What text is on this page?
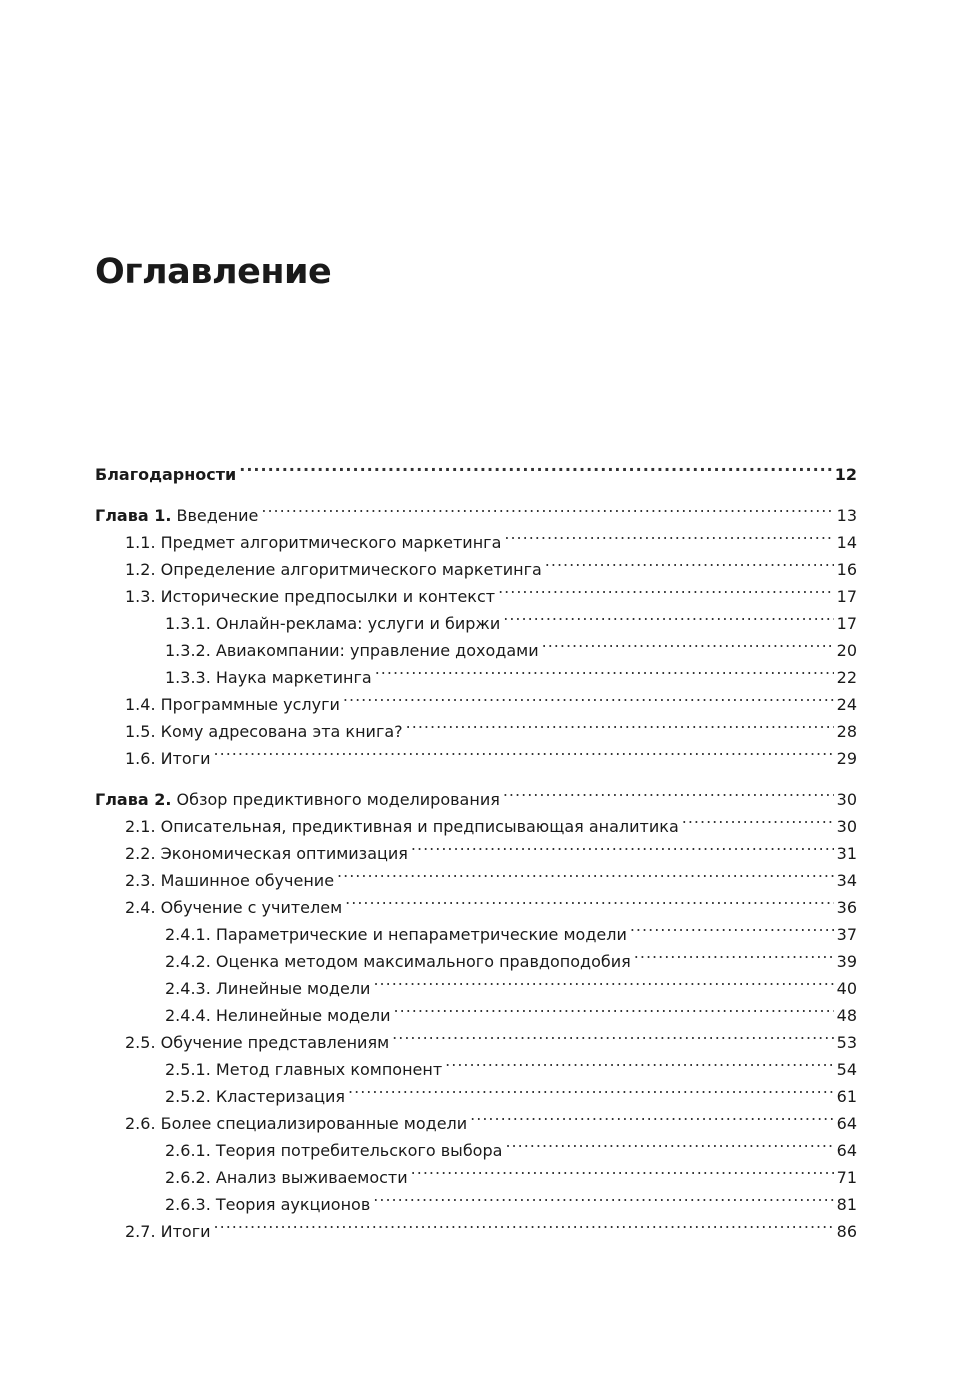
Оглавление
Благодарности .....	12
Глава 1. Введение .....	13
1.1. Предмет алгоритмического маркетинга .....	14
1.2. Определение алгоритмического маркетинга .....	16
1.3. Исторические предпосылки и контекст .....	17
1.3.1. Онлайн-реклама: услуги и биржи .....	17
1.3.2. Авиакомпании: управление доходами .....	20
1.3.3. Наука маркетинга .....	22
1.4. Программные услуги .....	24
1.5. Кому адресована эта книга? .....	28
1.6. Итоги .....	29
Глава 2. Обзор предиктивного моделирования .....	30
2.1. Описательная, предиктивная и предписывающая аналитика .....	30
2.2. Экономическая оптимизация .....	31
2.3. Машинное обучение .....	34
2.4. Обучение с учителем .....	36
2.4.1. Параметрические и непараметрические модели .....	37
2.4.2. Оценка методом максимального правдоподобия .....	39
2.4.3. Линейные модели .....	40
2.4.4. Нелинейные модели .....	48
2.5. Обучение представлениям .....	53
2.5.1. Метод главных компонент .....	54
2.5.2. Кластеризация .....	61
2.6. Более специализированные модели .....	64
2.6.1. Теория потребительского выбора .....	64
2.6.2. Анализ выживаемости .....	71
2.6.3. Теория аукционов .....	81
2.7. Итоги .....	86
